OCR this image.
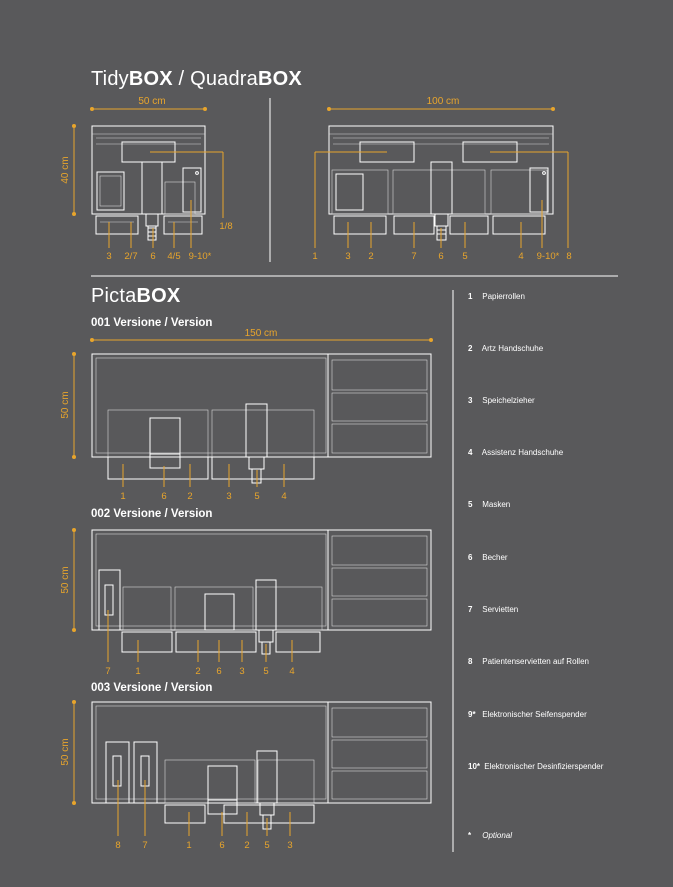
TidyBOX / QuadraBOX
PictaBOX
001 Versione / Version
002 Versione / Version
003 Versione / Version
50 cm
40 cm
100 cm
150 cm
50 cm
50 cm
50 cm
3 2/7 6 4/5 9-10*
1/8
1	3 2	7 6 5	4 9-10* 8
1	6 2	3 5 4
7	1	2 6 3 5 4
8 7	1	6 2 5 3
1 Papierrollen
2 Artz Handschuhe
3 Speichelzieher
4 Assistenz Handschuhe
5 Masken
6 Becher
7 Servietten
8 Patientenservietten auf Rollen
9* Elektronischer Seifenspender
10* Elektronischer Desinfizierspender
* Optional
